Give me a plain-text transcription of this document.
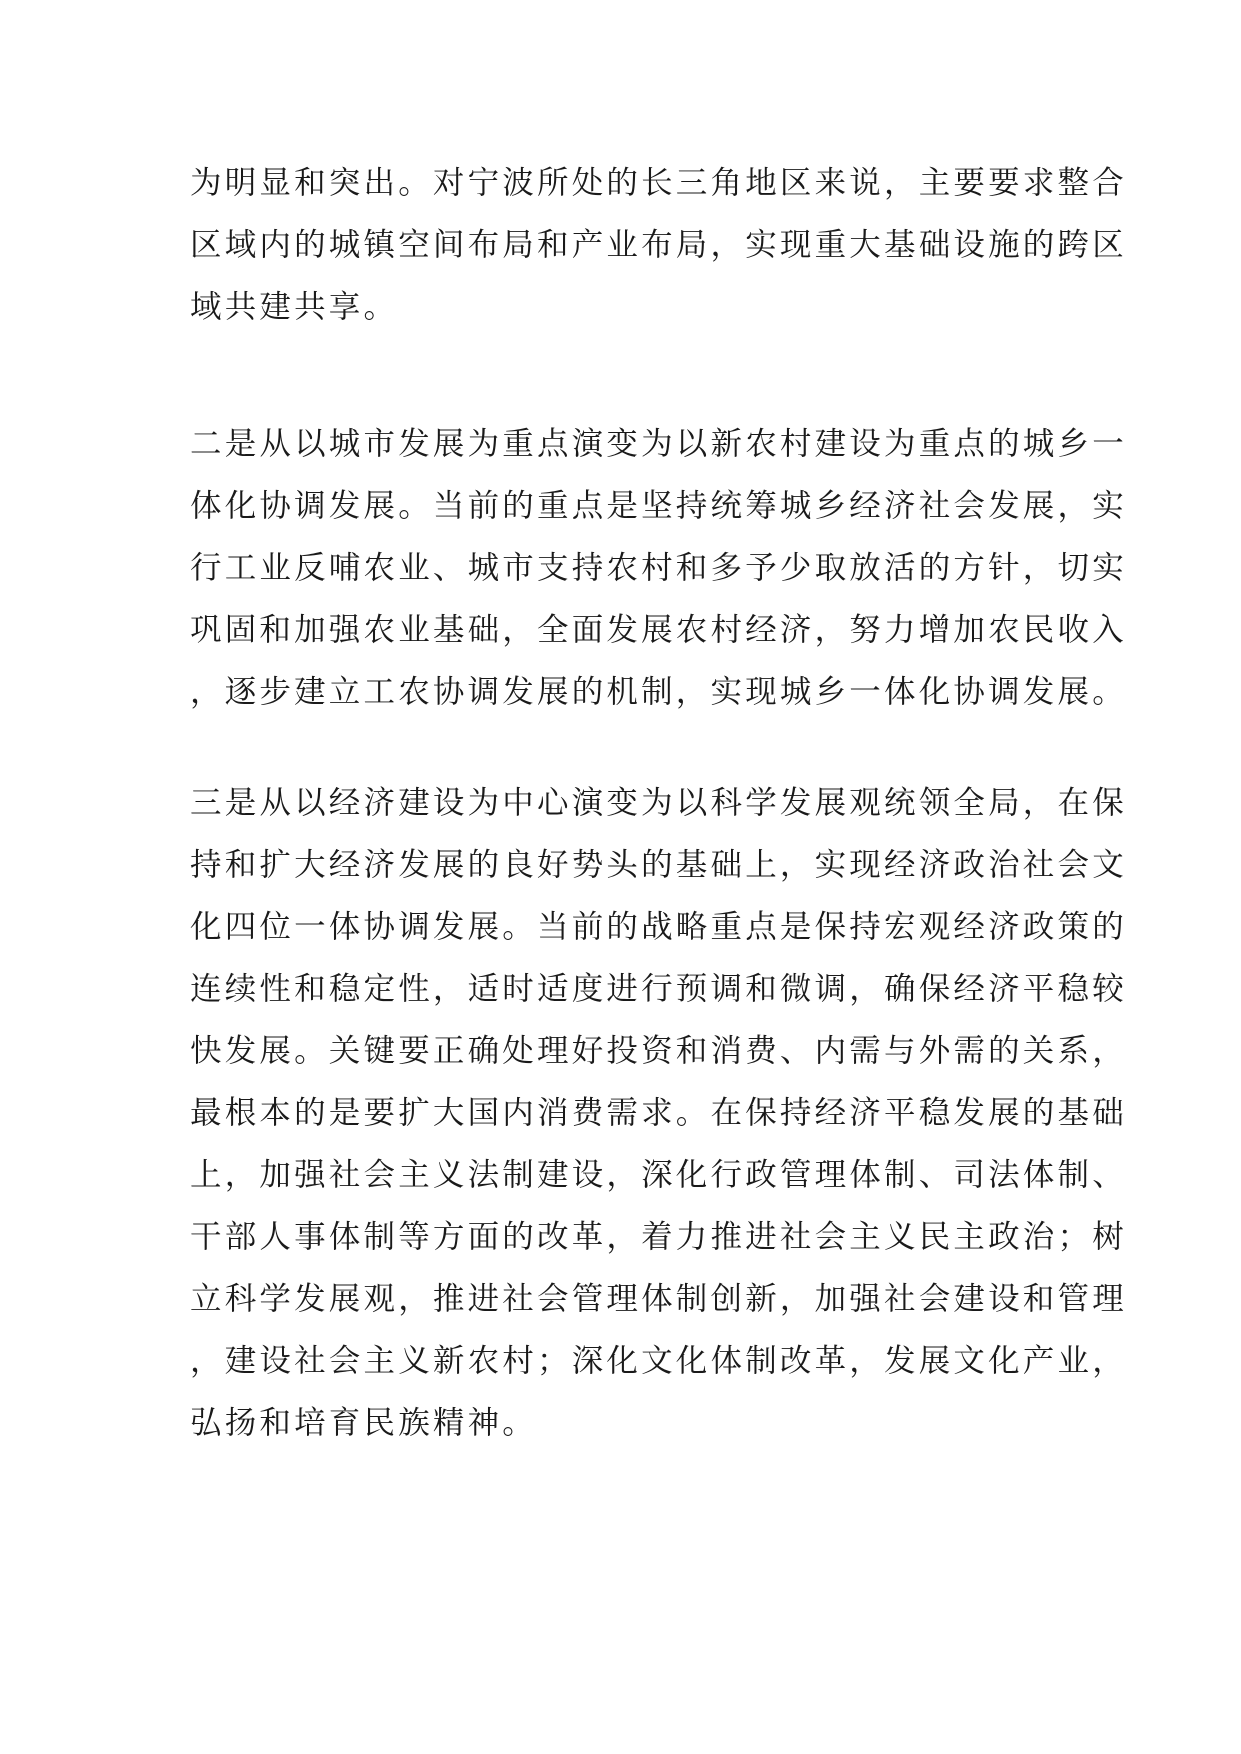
为明显和突出。对宁波所处的长三角地区来说，主要要求整合
区域内的城镇空间布局和产业布局，实现重大基础设施的跨区
域共建共享。
二是从以城市发展为重点演变为以新农村建设为重点的城乡一
体化协调发展。当前的重点是坚持统筹城乡经济社会发展，实
行工业反哺农业、城市支持农村和多予少取放活的方针，切实
巩固和加强农业基础，全面发展农村经济，努力增加农民收入
，逐步建立工农协调发展的机制，实现城乡一体化协调发展。
三是从以经济建设为中心演变为以科学发展观统领全局，在保
持和扩大经济发展的良好势头的基础上，实现经济政治社会文
化四位一体协调发展。当前的战略重点是保持宏观经济政策的
连续性和稳定性，适时适度进行预调和微调，确保经济平稳较
快发展。关键要正确处理好投资和消费、内需与外需的关系，
最根本的是要扩大国内消费需求。在保持经济平稳发展的基础
上，加强社会主义法制建设，深化行政管理体制、司法体制、
干部人事体制等方面的改革，着力推进社会主义民主政治；树
立科学发展观，推进社会管理体制创新，加强社会建设和管理
，建设社会主义新农村；深化文化体制改革，发展文化产业，
弘扬和培育民族精神。
